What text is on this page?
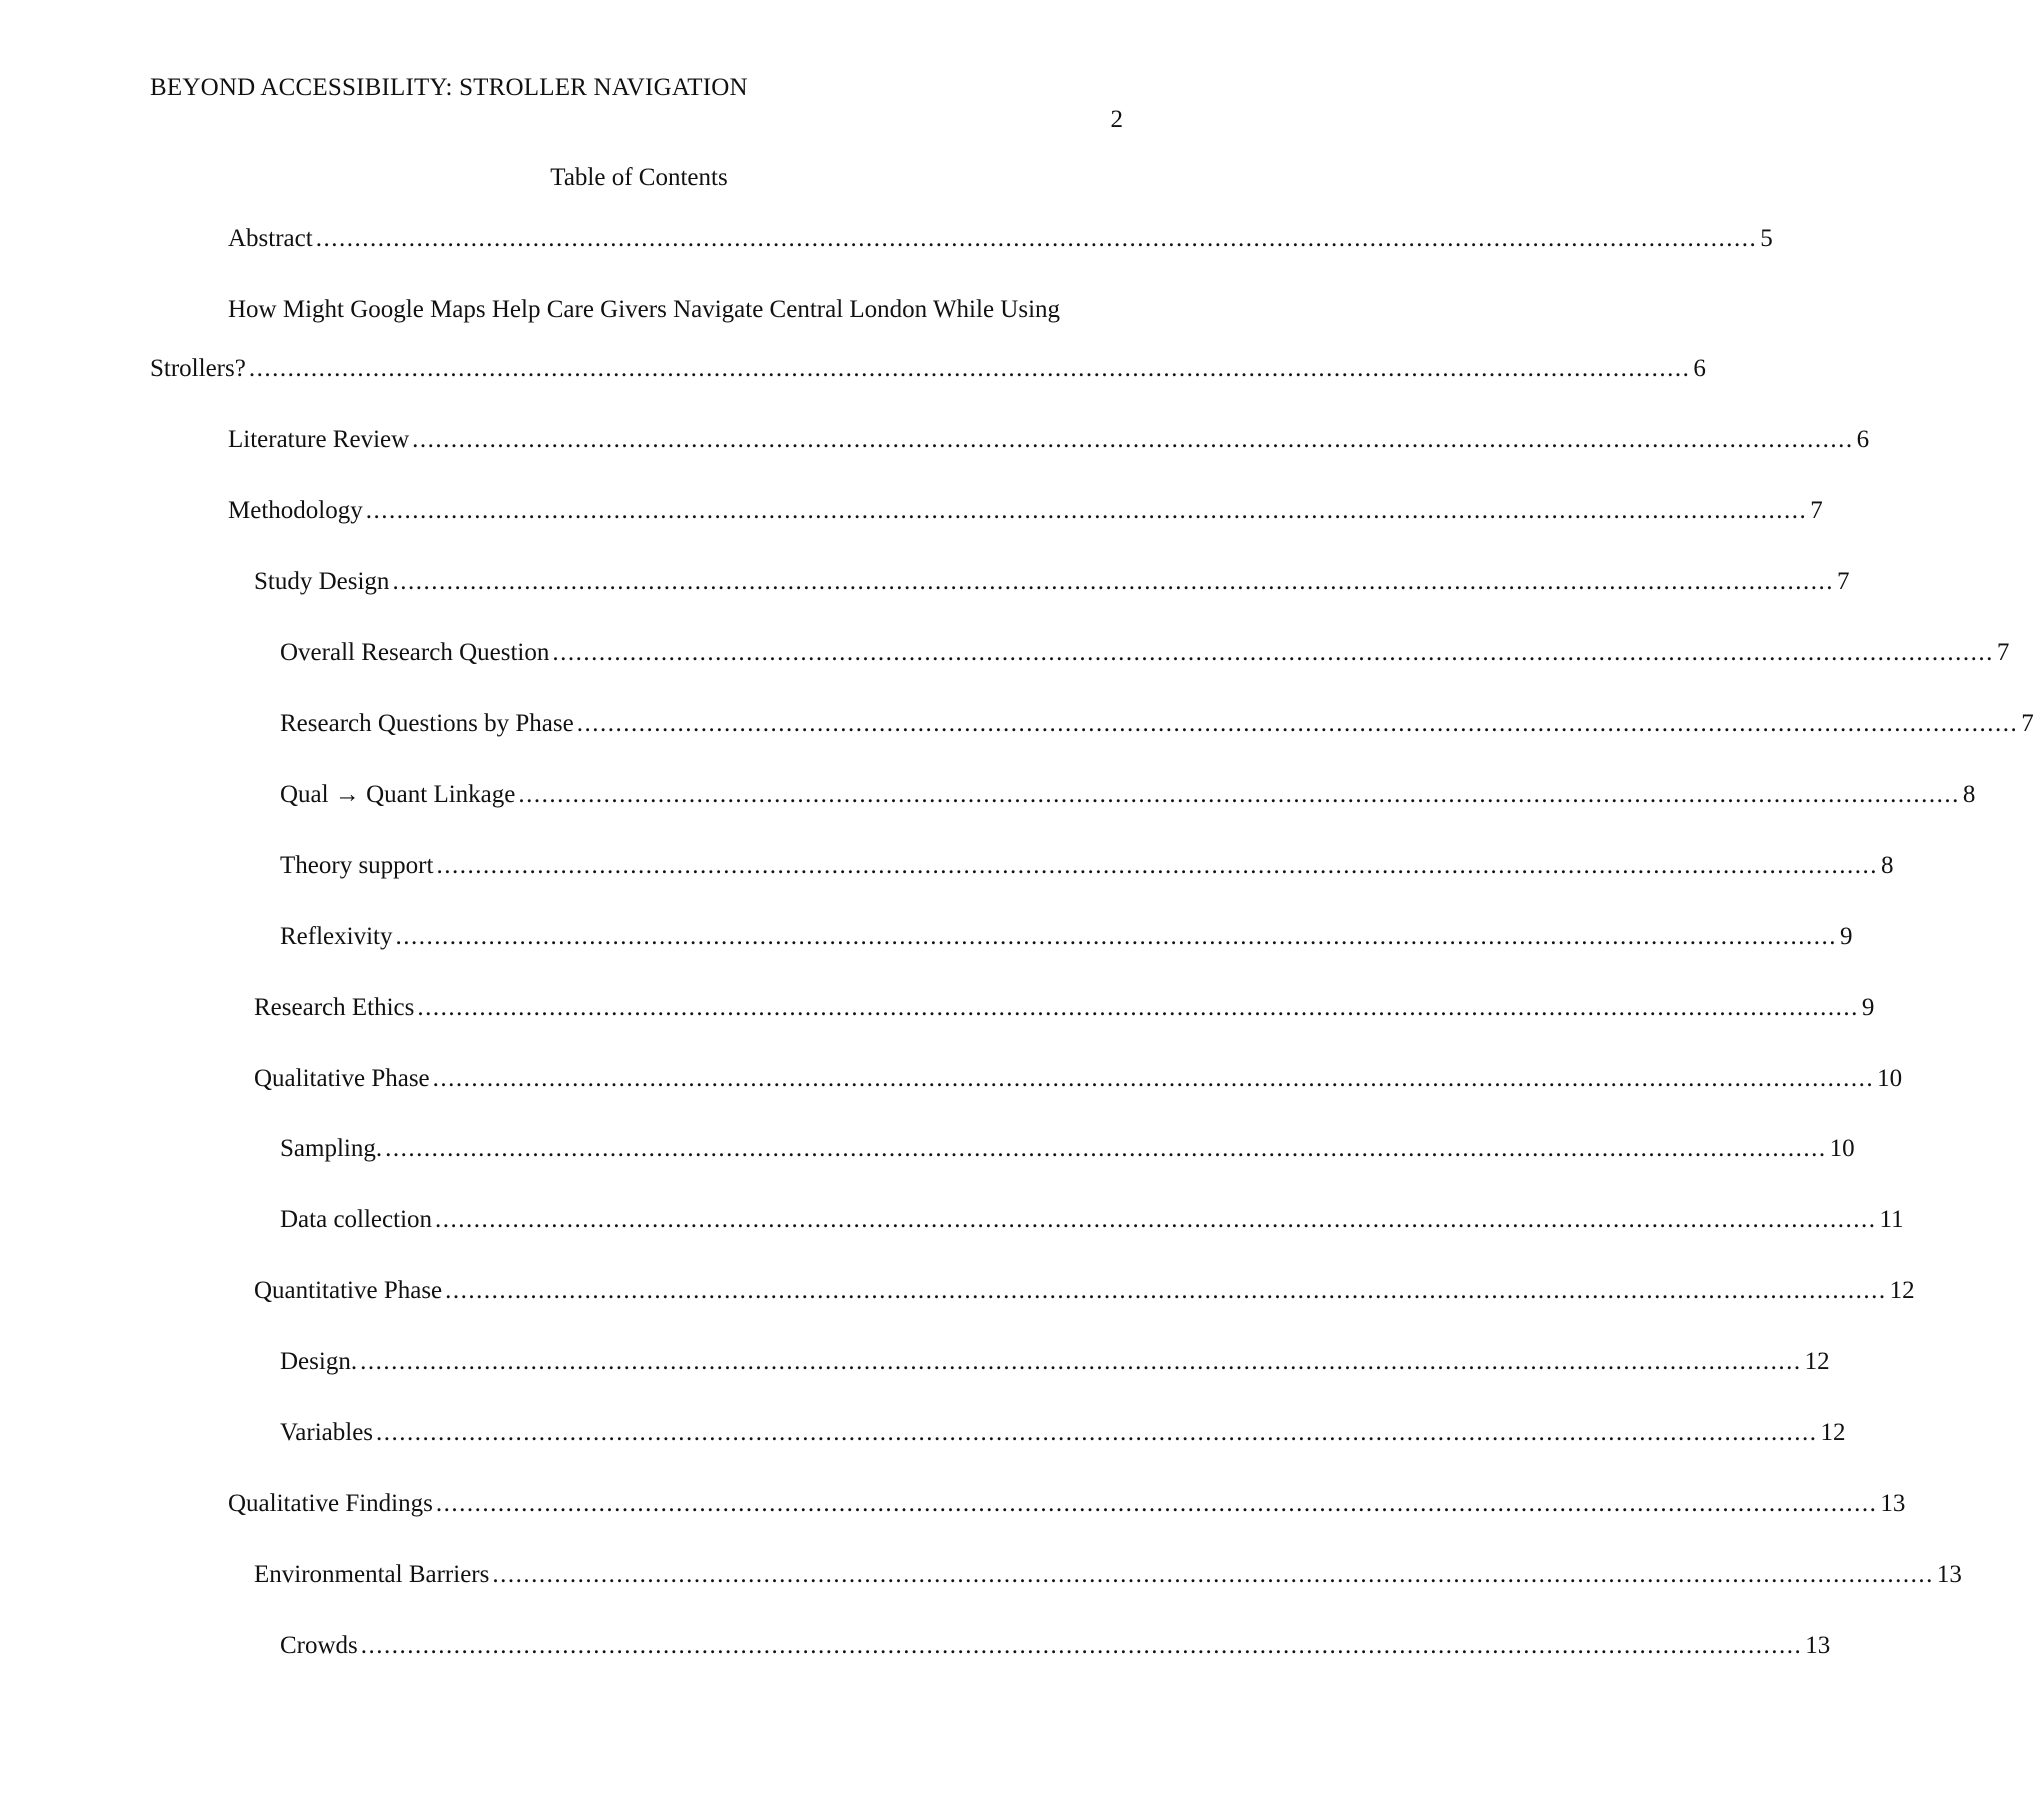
BEYOND ACCESSIBILITY: STROLLER NAVIGATION
2
Table of Contents
Abstract .......................................................................................................................................................................................... 5
How Might Google Maps Help Care Givers Navigate Central London While Using
Strollers? .......................................................................................................................................................................................... 6
Literature Review .......................................................................................................................................................................................... 6
Methodology .......................................................................................................................................................................................... 7
Study Design .......................................................................................................................................................................................... 7
Overall Research Question .......................................................................................................................................................................................... 7
Research Questions by Phase .......................................................................................................................................................................................... 7
Qual → Quant Linkage .......................................................................................................................................................................................... 8
Theory support .......................................................................................................................................................................................... 8
Reflexivity .......................................................................................................................................................................................... 9
Research Ethics .......................................................................................................................................................................................... 9
Qualitative Phase .......................................................................................................................................................................................... 10
Sampling. .......................................................................................................................................................................................... 10
Data collection .......................................................................................................................................................................................... 11
Quantitative Phase .......................................................................................................................................................................................... 12
Design. .......................................................................................................................................................................................... 12
Variables .......................................................................................................................................................................................... 12
Qualitative Findings .......................................................................................................................................................................................... 13
Environmental Barriers .......................................................................................................................................................................................... 13
Crowds .......................................................................................................................................................................................... 13
